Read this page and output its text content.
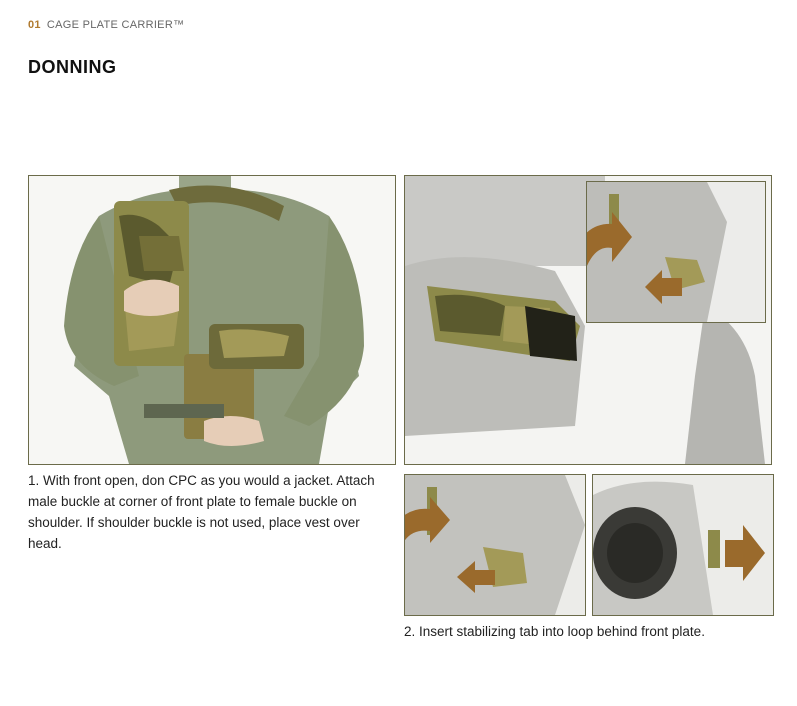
01 CAGE PLATE CARRIER™
DONNING
1. With front open, don CPC as you would a jacket. Attach male buckle at corner of front plate to female buckle on shoulder. If shoulder buckle is not used, place vest over head.
2. Insert stabilizing tab into loop behind front plate.
